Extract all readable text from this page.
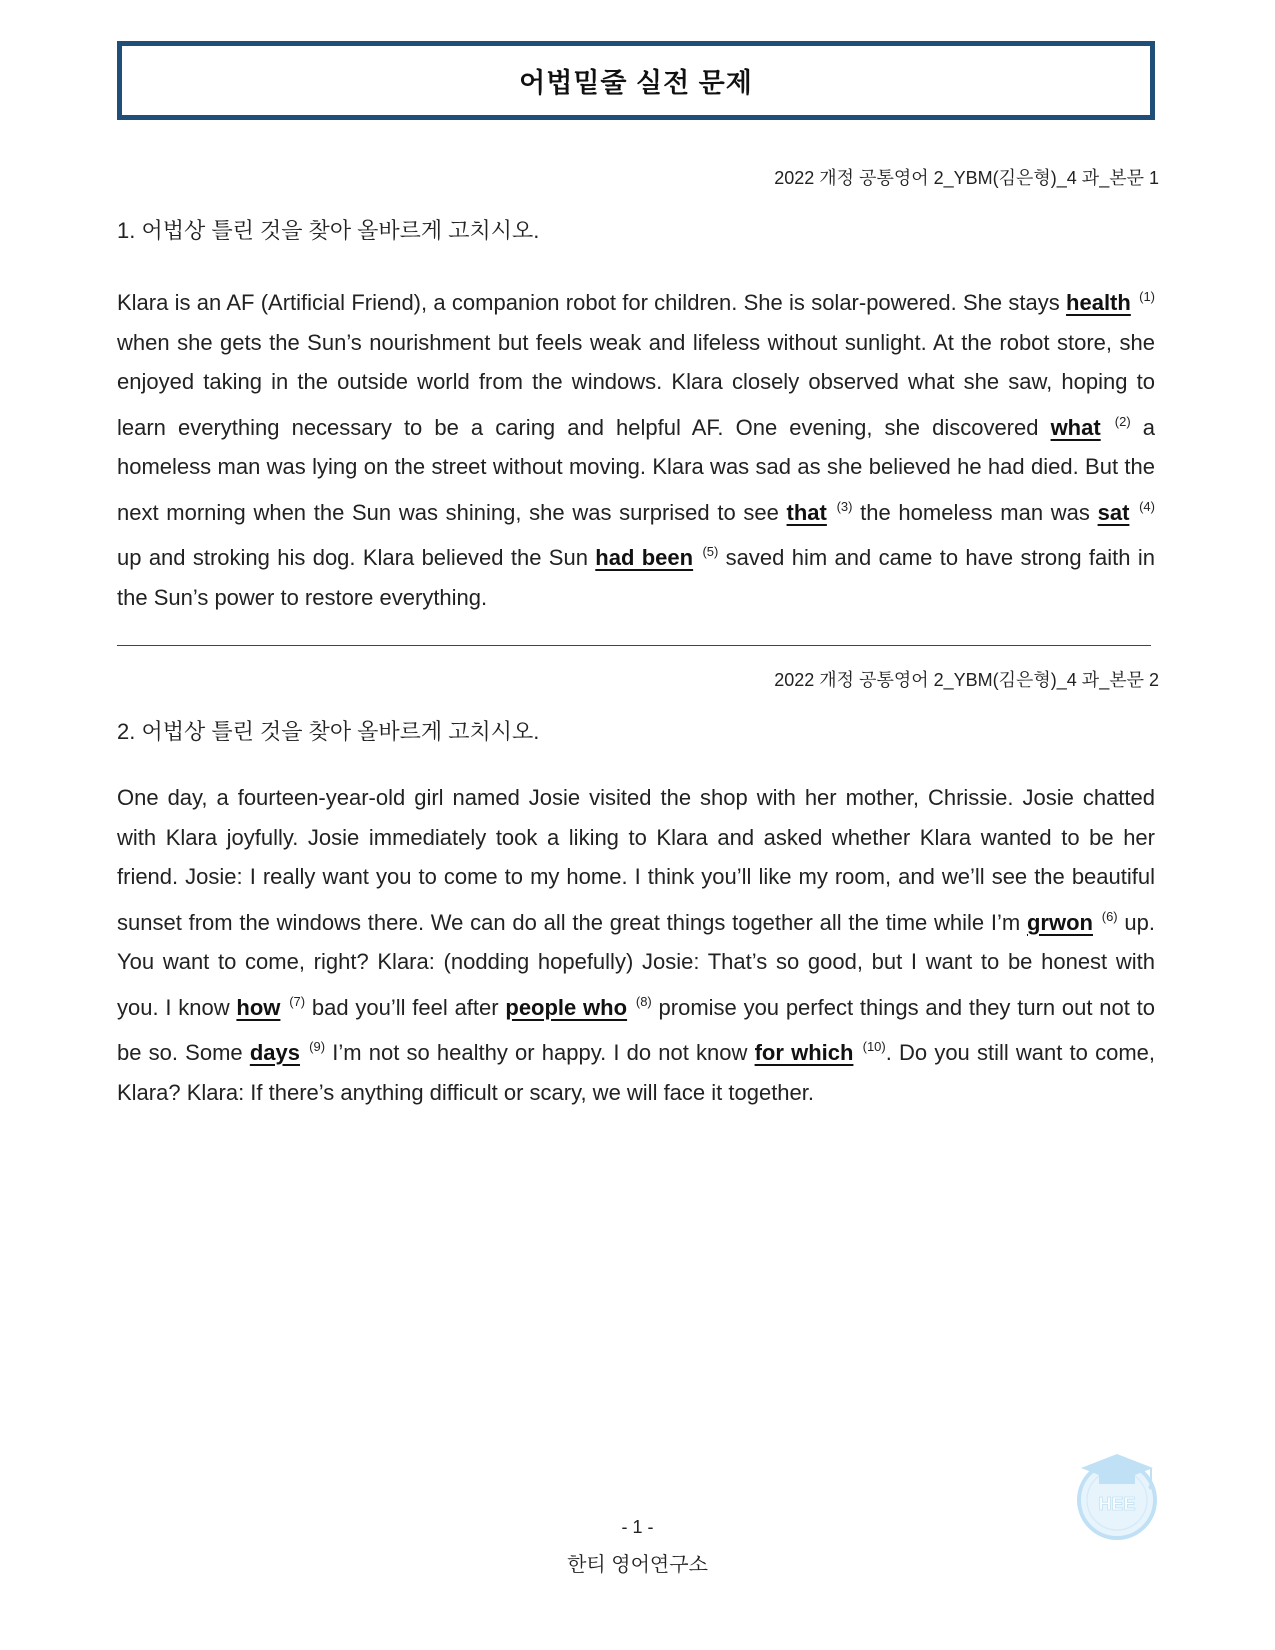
어법밑줄 실전 문제
2022 개정 공통영어 2_YBM(김은형)_4 과_본문 1
1. 어법상 틀린 것을 찾아 올바르게 고치시오.

Klara is an AF (Artificial Friend), a companion robot for children. She is solar-powered. She stays health $^{(1)}$ when she gets the Sun’s nourishment but feels weak and lifeless without sunlight. At the robot store, she enjoyed taking in the outside world from the windows. Klara closely observed what she saw, hoping to learn everything necessary to be a caring and helpful AF. One evening, she discovered what $^{(2)}$ a homeless man was lying on the street without moving. Klara was sad as she believed he had died. But the next morning when the Sun was shining, she was surprised to see that $^{(3)}$ the homeless man was sat $^{(4)}$ up and stroking his dog. Klara believed the Sun had been $^{(5)}$ saved him and came to have strong faith in the Sun’s power to restore everything.

2022 개정 공통영어 2_YBM(김은형)_4 과_본문 2
2. 어법상 틀린 것을 찾아 올바르게 고치시오.

One day, a fourteen-year-old girl named Josie visited the shop with her mother, Chrissie. Josie chatted with Klara joyfully. Josie immediately took a liking to Klara and asked whether Klara wanted to be her friend. Josie: I really want you to come to my home. I think you’ll like my room, and we’ll see the beautiful sunset from the windows there. We can do all the great things together all the time while I’m grwon $^{(6)}$ up. You want to come, right? Klara: (nodding hopefully) Josie: That’s so good, but I want to be honest with you. I know how $^{(7)}$ bad you’ll feel after people who $^{(8)}$ promise you perfect things and they turn out not to be so. Some days $^{(9)}$ I’m not so healthy or happy. I do not know for which $^{(10)}$. Do you still want to come, Klara? Klara: If there’s anything difficult or scary, we will face it together.

- 1 -
한티 영어연구소
HEE
